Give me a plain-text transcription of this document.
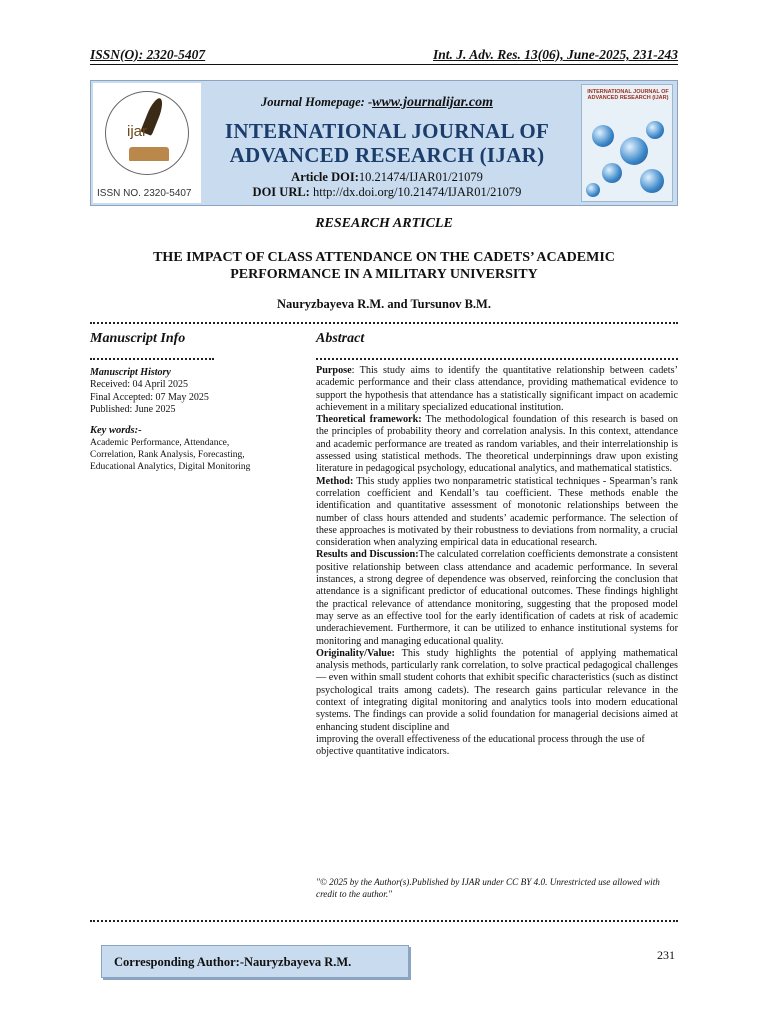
ISSN(O): 2320-5407	Int. J. Adv. Res. 13(06), June-2025, 231-243
ijar
ISSN NO. 2320-5407
Journal Homepage: -www.journalijar.com
INTERNATIONAL JOURNAL OF
ADVANCED RESEARCH (IJAR)
Article DOI:10.21474/IJAR01/21079
DOI URL: http://dx.doi.org/10.21474/IJAR01/21079
INTERNATIONAL JOURNAL OF ADVANCED RESEARCH (IJAR)
RESEARCH ARTICLE
THE IMPACT OF CLASS ATTENDANCE ON THE CADETS’ ACADEMIC
PERFORMANCE IN A MILITARY UNIVERSITY
Nauryzbayeva R.M. and Tursunov B.M.
Manuscript Info	Abstract
Manuscript History
Received: 04 April 2025
Final Accepted: 07 May 2025
Published: June 2025
Key words:-
Academic Performance, Attendance, Correlation, Rank Analysis, Forecasting, Educational Analytics, Digital Monitoring

Purpose: This study aims to identify the quantitative relationship between cadets’ academic performance and their class attendance, providing mathematical evidence to support the hypothesis that attendance has a statistically significant impact on academic achievement in a military specialized educational institution.

Theoretical framework: The methodological foundation of this research is based on the principles of probability theory and correlation analysis. In this context, attendance and academic performance are treated as random variables, and their interrelationship is assessed using statistical methods. The theoretical underpinnings draw upon existing literature in pedagogical psychology, educational analytics, and mathematical statistics.

Method: This study applies two nonparametric statistical techniques - Spearman’s rank correlation coefficient and Kendall’s tau coefficient. These methods enable the identification and quantitative assessment of monotonic relationships between the number of class hours attended and students’ academic performance. The selection of these approaches is motivated by their robustness to deviations from normality, a crucial consideration when analyzing empirical data in educational research.

Results and Discussion:The calculated correlation coefficients demonstrate a consistent positive relationship between class attendance and academic performance. In several instances, a strong degree of dependence was observed, reinforcing the conclusion that attendance is a significant predictor of educational outcomes. These findings highlight the practical relevance of attendance monitoring, suggesting that the proposed model may serve as an effective tool for the early identification of cadets at risk of academic underachievement. Furthermore, it can be utilized to enhance institutional systems for monitoring and managing educational quality.

Originality/Value: This study highlights the potential of applying mathematical analysis methods, particularly rank correlation, to solve practical pedagogical challenges — even within small student cohorts that exhibit specific characteristics (such as distinct psychological traits among cadets). The research gains particular relevance in the context of integrating digital monitoring and analytics tools into modern educational systems. The findings can provide a solid foundation for managerial decisions aimed at enhancing student discipline and

improving the overall effectiveness of the educational process through the use of objective quantitative indicators.

"© 2025 by the Author(s).Published by IJAR under CC BY 4.0. Unrestricted use allowed with credit to the author."
Corresponding Author:-Nauryzbayeva R.M.	231
